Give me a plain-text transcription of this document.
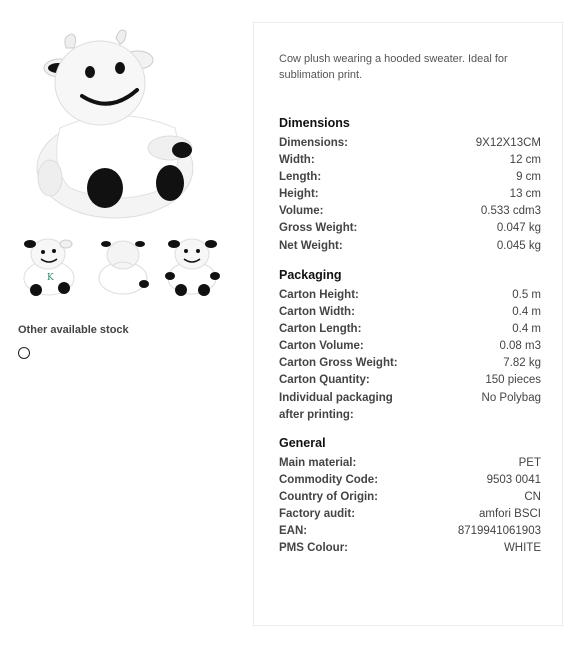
K
Other available stock
Cow plush wearing a hooded sweater. Ideal for sublimation print.
Dimensions
Dimensions:	9X12X13CM
Width:	12 cm
Length:	9 cm
Height:	13 cm
Volume:	0.533 cdm3
Gross Weight:	0.047 kg
Net Weight:	0.045 kg
Packaging
Carton Height:	0.5 m
Carton Width:	0.4 m
Carton Length:	0.4 m
Carton Volume:	0.08 m3
Carton Gross Weight:	7.82 kg
Carton Quantity:	150 pieces
Individual packaging after printing:
No Polybag
General
Main material:	PET
Commodity Code:	9503 0041
Country of Origin:	CN
Factory audit:	amfori BSCI
EAN:	8719941061903
PMS Colour:	WHITE
